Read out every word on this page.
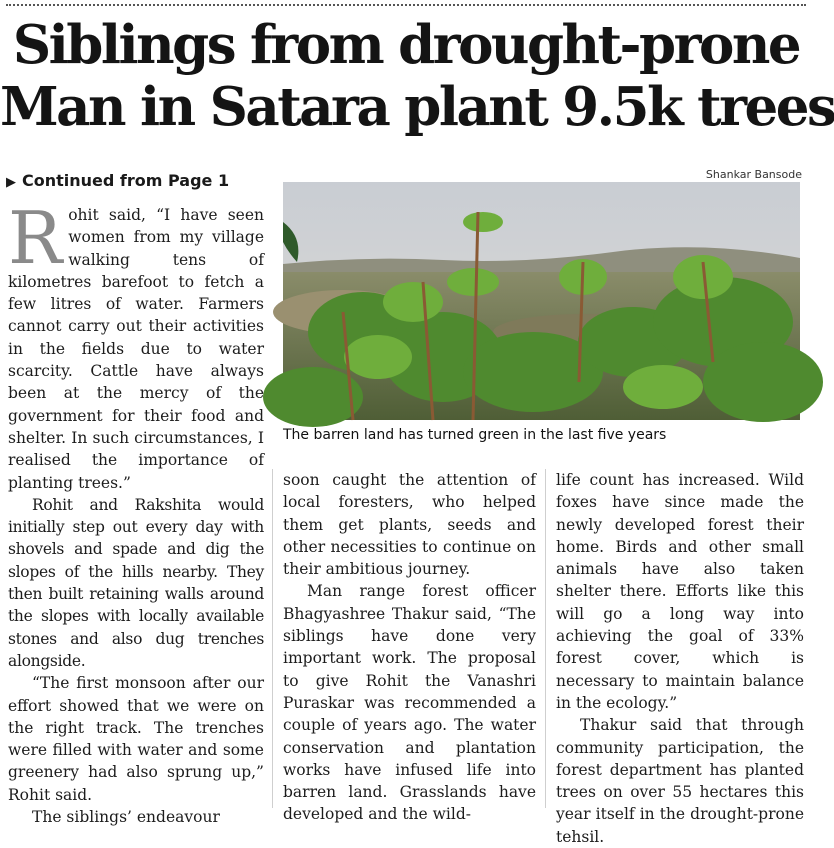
Siblings from drought-prone
Man in Satara plant 9.5k trees
▶ Continued from Page 1	Shankar Bansode
The barren land has turned green in the last five years

Rohit said, “I have seen women from my village walking tens of kilometres barefoot to fetch a few litres of water. Farmers cannot carry out their activities in the fields due to water scarcity. Cattle have always been at the mercy of the government for their food and shelter. In such circumstances, I realised the importance of planting trees.”

Rohit and Rakshita would initially step out every day with shovels and spade and dig the slopes of the hills nearby. They then built retaining walls around the slopes with locally available stones and also dug trenches alongside.

“The first monsoon after our effort showed that we were on the right track. The trenches were filled with water and some greenery had also sprung up,” Rohit said.

The siblings’ endeavour

soon caught the attention of local foresters, who helped them get plants, seeds and other necessities to continue on their ambitious journey.

Man range forest officer Bhagyashree Thakur said, “The siblings have done very important work. The proposal to give Rohit the Vanashri Puraskar was recommended a couple of years ago. The water conservation and plantation works have infused life into barren land. Grasslands have developed and the wild-

life count has increased. Wild foxes have since made the newly developed forest their home. Birds and other small animals have also taken shelter there. Efforts like this will go a long way into achieving the goal of 33% forest cover, which is necessary to maintain balance in the ecology.”

Thakur said that through community participation, the forest department has planted trees on over 55 hectares this year itself in the drought-prone tehsil.
